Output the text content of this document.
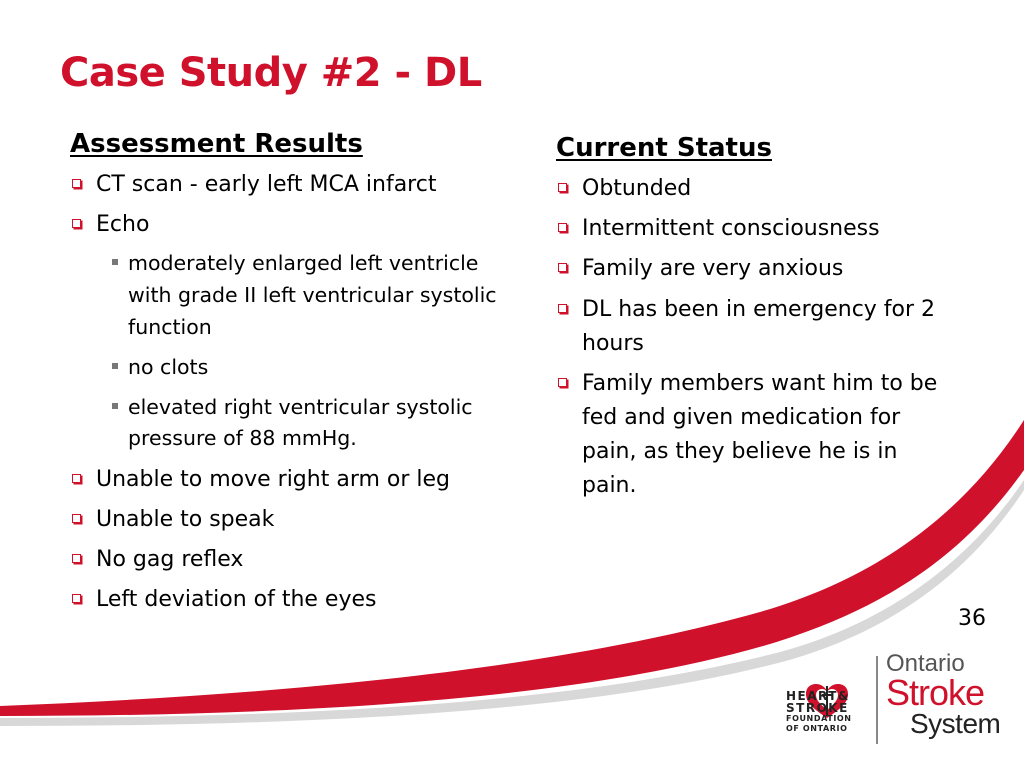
Case Study #2 - DL
Assessment Results
CT scan - early left MCA infarct
Echo
moderately enlarged left ventricle with grade II left ventricular systolic function
no clots
elevated right ventricular systolic pressure of 88 mmHg.
Unable to move right arm or leg
Unable to speak
No gag reflex
Left deviation of the eyes
Current Status
Obtunded
Intermittent consciousness
Family are very anxious
DL has been in emergency for 2 hours
Family members want him to be fed and given medication for pain, as they believe he is in pain.
36
HEART&
STROKE
FOUNDATION
OF ONTARIO
Ontario
Stroke
System
